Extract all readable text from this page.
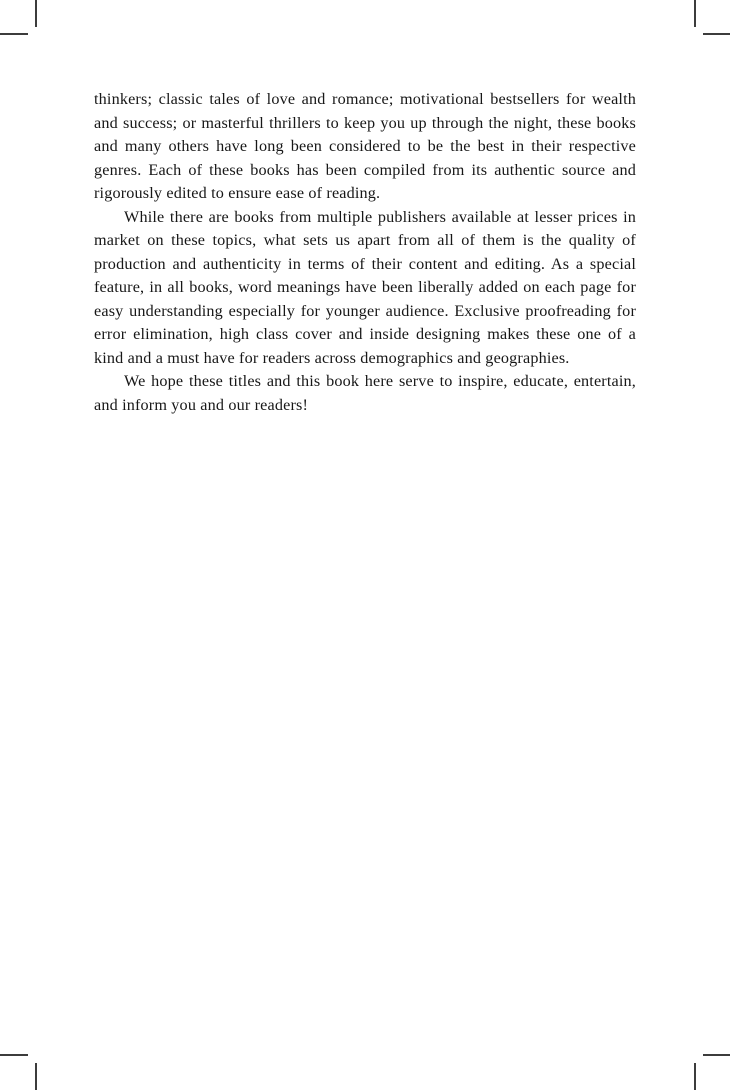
thinkers; classic tales of love and romance; motivational bestsellers for wealth and success; or masterful thrillers to keep you up through the night, these books and many others have long been considered to be the best in their respective genres. Each of these books has been compiled from its authentic source and rigorously edited to ensure ease of reading.

While there are books from multiple publishers available at lesser prices in market on these topics, what sets us apart from all of them is the quality of production and authenticity in terms of their content and editing. As a special feature, in all books, word meanings have been liberally added on each page for easy understanding especially for younger audience. Exclusive proofreading for error elimination, high class cover and inside designing makes these one of a kind and a must have for readers across demographics and geographies.

We hope these titles and this book here serve to inspire, educate, entertain, and inform you and our readers!
